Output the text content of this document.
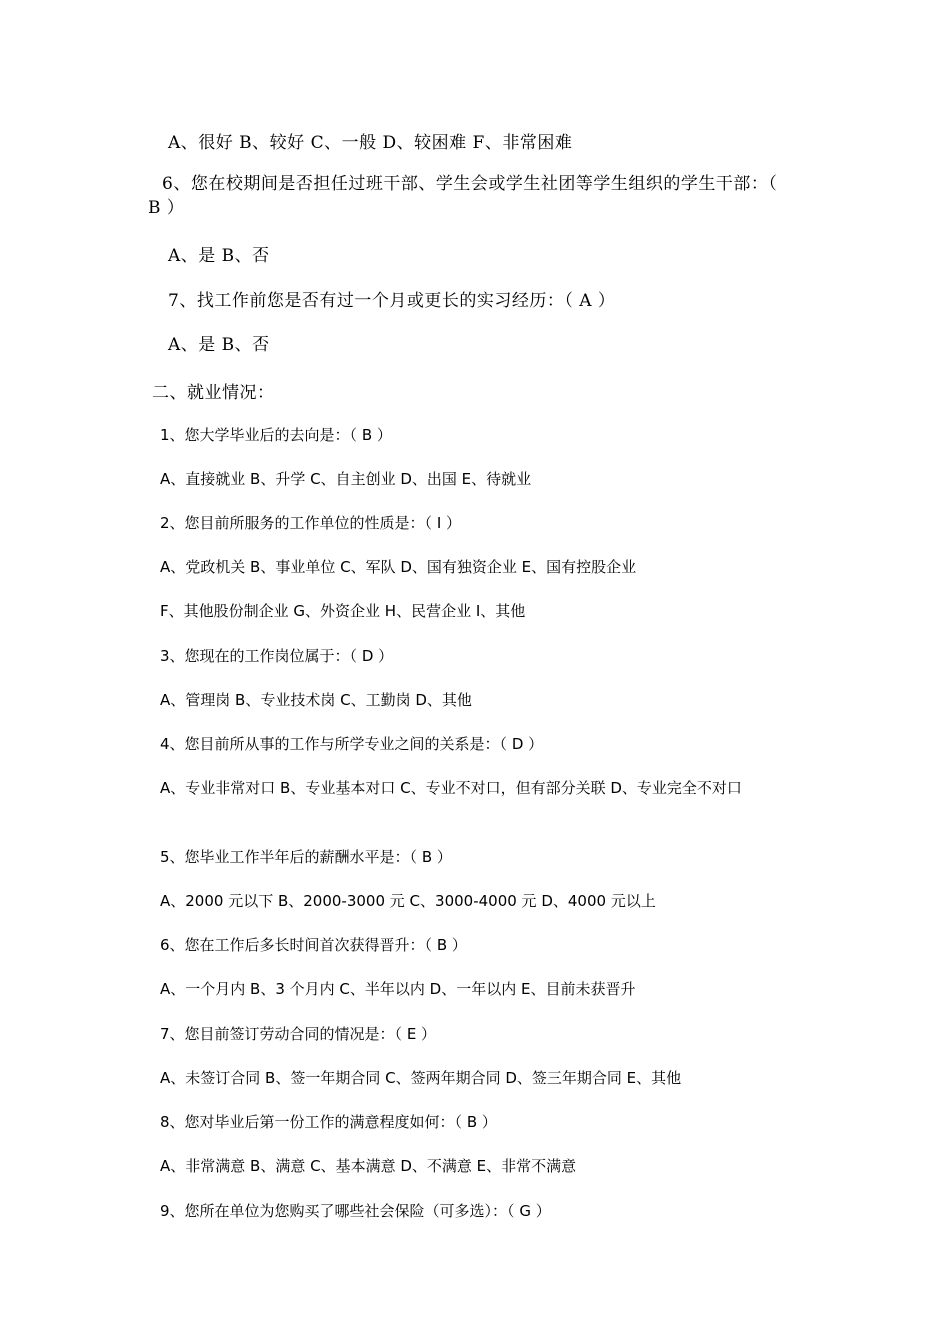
A、很好 B、较好 C、一般 D、较困难 F、非常困难
6、您在校期间是否担任过班干部、学生会或学生社团等学生组织的学生干部：（ B ）
A、是 B、否
7、找工作前您是否有过一个月或更长的实习经历：（ A ）
A、是 B、否
二、就业情况：
1、您大学毕业后的去向是：（ B ）
A、直接就业 B、升学 C、自主创业 D、出国 E、待就业
2、您目前所服务的工作单位的性质是：（ I ）
A、党政机关 B、事业单位 C、军队 D、国有独资企业 E、国有控股企业
F、其他股份制企业 G、外资企业 H、民营企业 I、其他
3、您现在的工作岗位属于：（ D ）
A、管理岗 B、专业技术岗 C、工勤岗 D、其他
4、您目前所从事的工作与所学专业之间的关系是：（ D ）
A、专业非常对口 B、专业基本对口 C、专业不对口，但有部分关联 D、专业完全不对口
5、您毕业工作半年后的薪酬水平是：（ B ）
A、2000 元以下 B、2000-3000 元 C、3000-4000 元 D、4000 元以上
6、您在工作后多长时间首次获得晋升：（ B ）
A、一个月内 B、3 个月内 C、半年以内 D、一年以内 E、目前未获晋升
7、您目前签订劳动合同的情况是：（ E ）
A、未签订合同 B、签一年期合同 C、签两年期合同 D、签三年期合同 E、其他
8、您对毕业后第一份工作的满意程度如何：（ B ）
A、非常满意 B、满意 C、基本满意 D、不满意 E、非常不满意
9、您所在单位为您购买了哪些社会保险（可多选）：（ G ）
